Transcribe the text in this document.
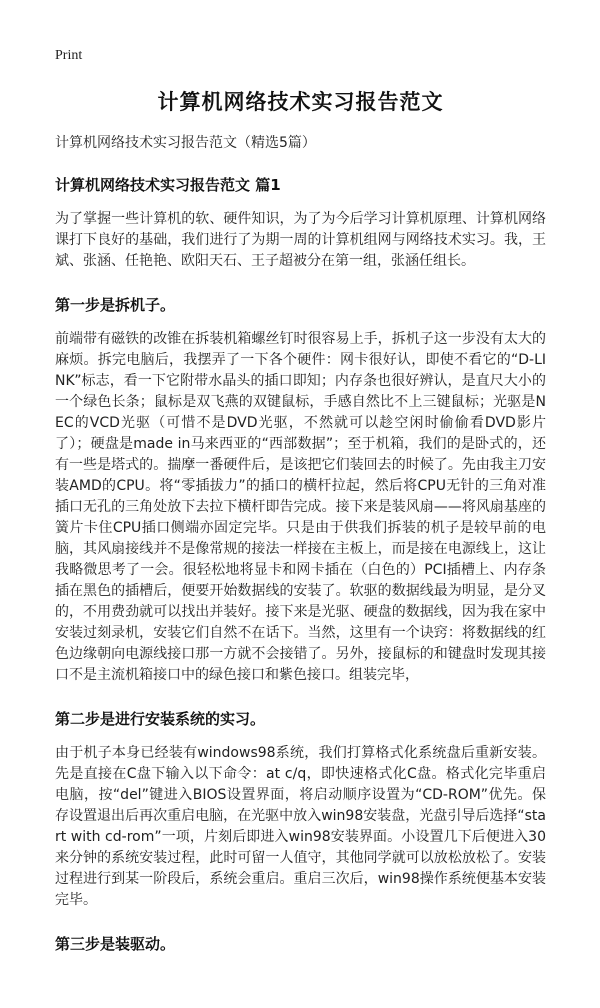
Print
计算机网络技术实习报告范文
计算机网络技术实习报告范文（精选5篇）
计算机网络技术实习报告范文 篇1

为了掌握一些计算机的软、硬件知识，为了为今后学习计算机原理、计算机网络课打下良好的基础，我们进行了为期一周的计算机组网与网络技术实习。我，王斌、张涵、任艳艳、欧阳天石、王子超被分在第一组，张涵任组长。

第一步是拆机子。

前端带有磁铁的改锥在拆装机箱螺丝钉时很容易上手，拆机子这一步没有太大的麻烦。拆完电脑后，我摆弄了一下各个硬件：网卡很好认，即使不看它的“D-LINK”标志，看一下它附带水晶头的插口即知；内存条也很好辨认，是直尺大小的一个绿色长条；鼠标是双飞燕的双键鼠标，手感自然比不上三键鼠标；光驱是NEC的VCD光驱（可惜不是DVD光驱，不然就可以趁空闲时偷偷看DVD影片了）；硬盘是made in马来西亚的“西部数据”；至于机箱，我们的是卧式的，还有一些是塔式的。揣摩一番硬件后，是该把它们装回去的时候了。先由我主刀安装AMD的CPU。将“零插拔力”的插口的横杆拉起，然后将CPU无针的三角对准插口无孔的三角处放下去拉下横杆即告完成。接下来是装风扇——将风扇基座的簧片卡住CPU插口侧端亦固定完毕。只是由于供我们拆装的机子是较早前的电脑，其风扇接线并不是像常规的接法一样接在主板上，而是接在电源线上，这让我略微思考了一会。很轻松地将显卡和网卡插在（白色的）PCI插槽上、内存条插在黑色的插槽后，便要开始数据线的安装了。软驱的数据线最为明显，是分叉的，不用费劲就可以找出并装好。接下来是光驱、硬盘的数据线，因为我在家中安装过刻录机，安装它们自然不在话下。当然，这里有一个诀窍：将数据线的红色边缘朝向电源线接口那一方就不会接错了。另外，接鼠标的和键盘时发现其接口不是主流机箱接口中的绿色接口和紫色接口。组装完毕，

第二步是进行安装系统的实习。

由于机子本身已经装有windows98系统，我们打算格式化系统盘后重新安装。先是直接在C盘下输入以下命令：at c/q，即快速格式化C盘。格式化完毕重启电脑，按“del”键进入BIOS设置界面，将启动顺序设置为“CD-ROM”优先。保存设置退出后再次重启电脑，在光驱中放入win98安装盘，光盘引导后选择“start with cd-rom”一项，片刻后即进入win98安装界面。小设置几下后便进入30来分钟的系统安装过程，此时可留一人值守，其他同学就可以放松放松了。安装过程进行到某一阶段后，系统会重启。重启三次后，win98操作系统便基本安装完毕。

第三步是装驱动。
